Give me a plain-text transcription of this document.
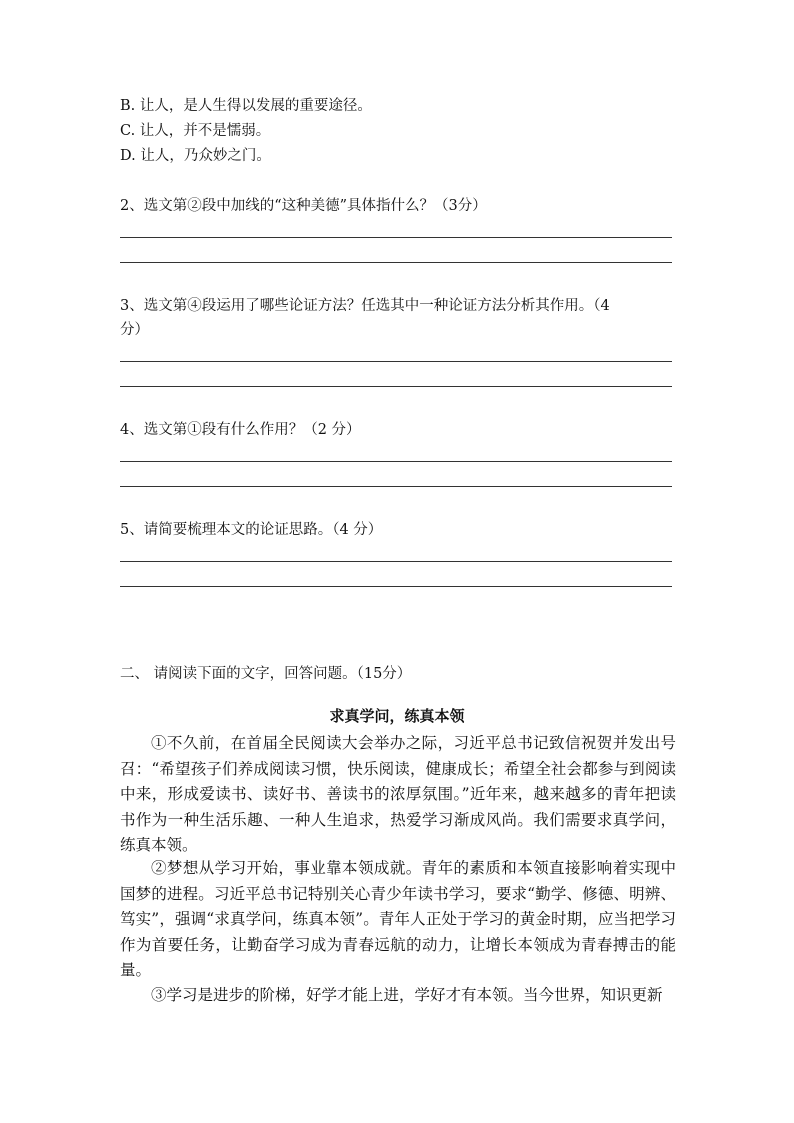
B. 让人，是人生得以发展的重要途径。
C. 让人，并不是懦弱。
D. 让人，乃众妙之门。
2、选文第②段中加线的“这种美德”具体指什么？（3分）
3、选文第④段运用了哪些论证方法？任选其中一种论证方法分析其作用。（4
分）
4、选文第①段有什么作用？（2 分）
5、请简要梳理本文的论证思路。（4 分）
二、 请阅读下面的文字，回答问题。（15分）
求真学问，练真本领
①不久前，在首届全民阅读大会举办之际，习近平总书记致信祝贺并发出号召：“希望孩子们养成阅读习惯，快乐阅读，健康成长；希望全社会都参与到阅读中来，形成爱读书、读好书、善读书的浓厚氛围。”近年来，越来越多的青年把读书作为一种生活乐趣、一种人生追求，热爱学习渐成风尚。我们需要求真学问，练真本领。
②梦想从学习开始，事业靠本领成就。青年的素质和本领直接影响着实现中国梦的进程。习近平总书记特别关心青少年读书学习，要求“勤学、修德、明辨、笃实”，强调“求真学问，练真本领”。青年人正处于学习的黄金时期，应当把学习作为首要任务，让勤奋学习成为青春远航的动力，让增长本领成为青春搏击的能量。
③学习是进步的阶梯，好学才能上进，学好才有本领。当今世界，知识更新
